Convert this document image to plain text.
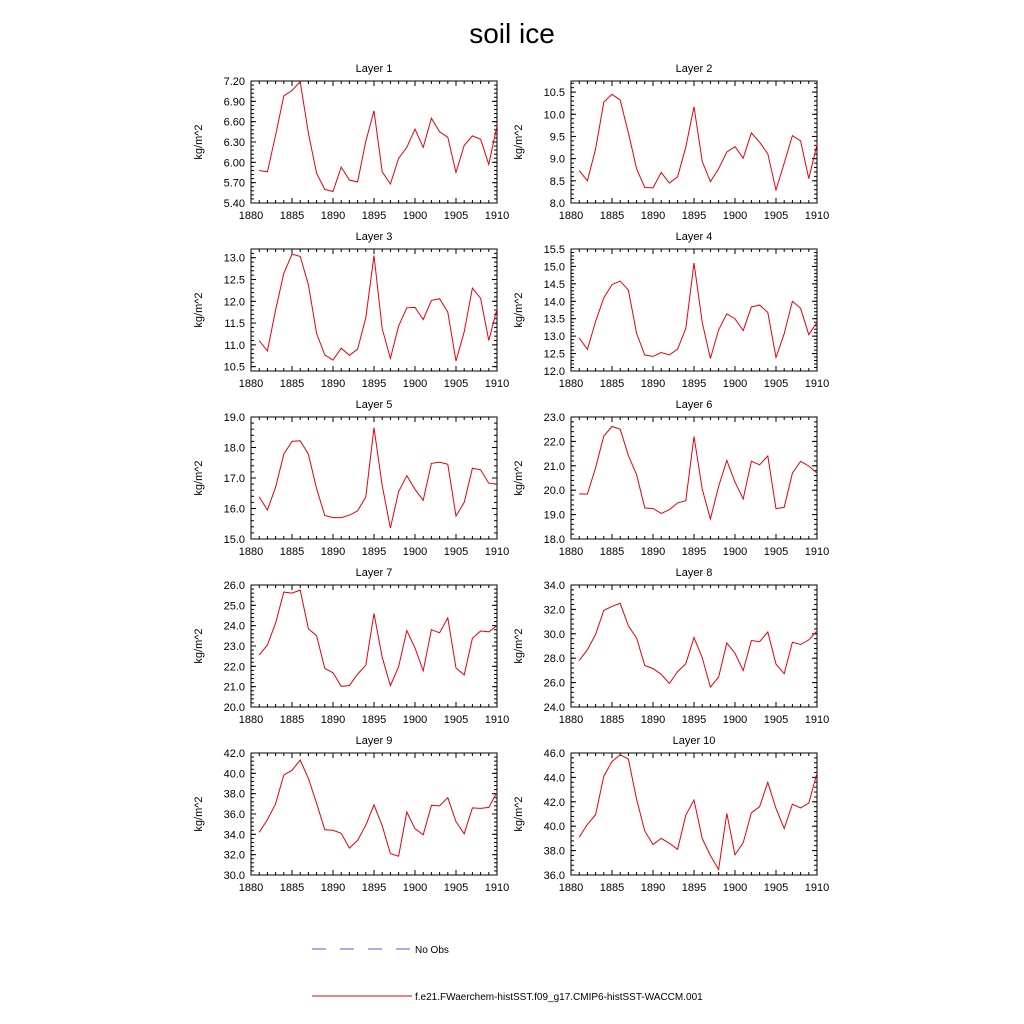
soil ice
Layer 1
kg/m^2
1880 1885 1890 1895 1900 1905 1910
5.40
5.70
6.00
6.30
6.60
6.90
7.20
Layer 2
kg/m^2
1880 1885 1890 1895 1900 1905 1910
8.0
8.5
9.0
9.5
10.0
10.5
Layer 3
kg/m^2
1880 1885 1890 1895 1900 1905 1910
10.5
11.0
11.5
12.0
12.5
13.0
Layer 4
kg/m^2
1880 1885 1890 1895 1900 1905 1910
12.0
12.5
13.0
13.5
14.0
14.5
15.0
15.5
Layer 5
kg/m^2
1880 1885 1890 1895 1900 1905 1910
15.0
16.0
17.0
18.0
19.0
Layer 6
kg/m^2
1880 1885 1890 1895 1900 1905 1910
18.0
19.0
20.0
21.0
22.0
23.0
Layer 7
kg/m^2
1880 1885 1890 1895 1900 1905 1910
20.0
21.0
22.0
23.0
24.0
25.0
26.0
Layer 8
kg/m^2
1880 1885 1890 1895 1900 1905 1910
24.0
26.0
28.0
30.0
32.0
34.0
Layer 9
kg/m^2
1880 1885 1890 1895 1900 1905 1910
30.0
32.0
34.0
36.0
38.0
40.0
42.0
Layer 10
kg/m^2
1880 1885 1890 1895 1900 1905 1910
36.0
38.0
40.0
42.0
44.0
46.0
No Obs
f.e21.FWaerchem-histSST.f09_g17.CMIP6-histSST-WACCM.001
